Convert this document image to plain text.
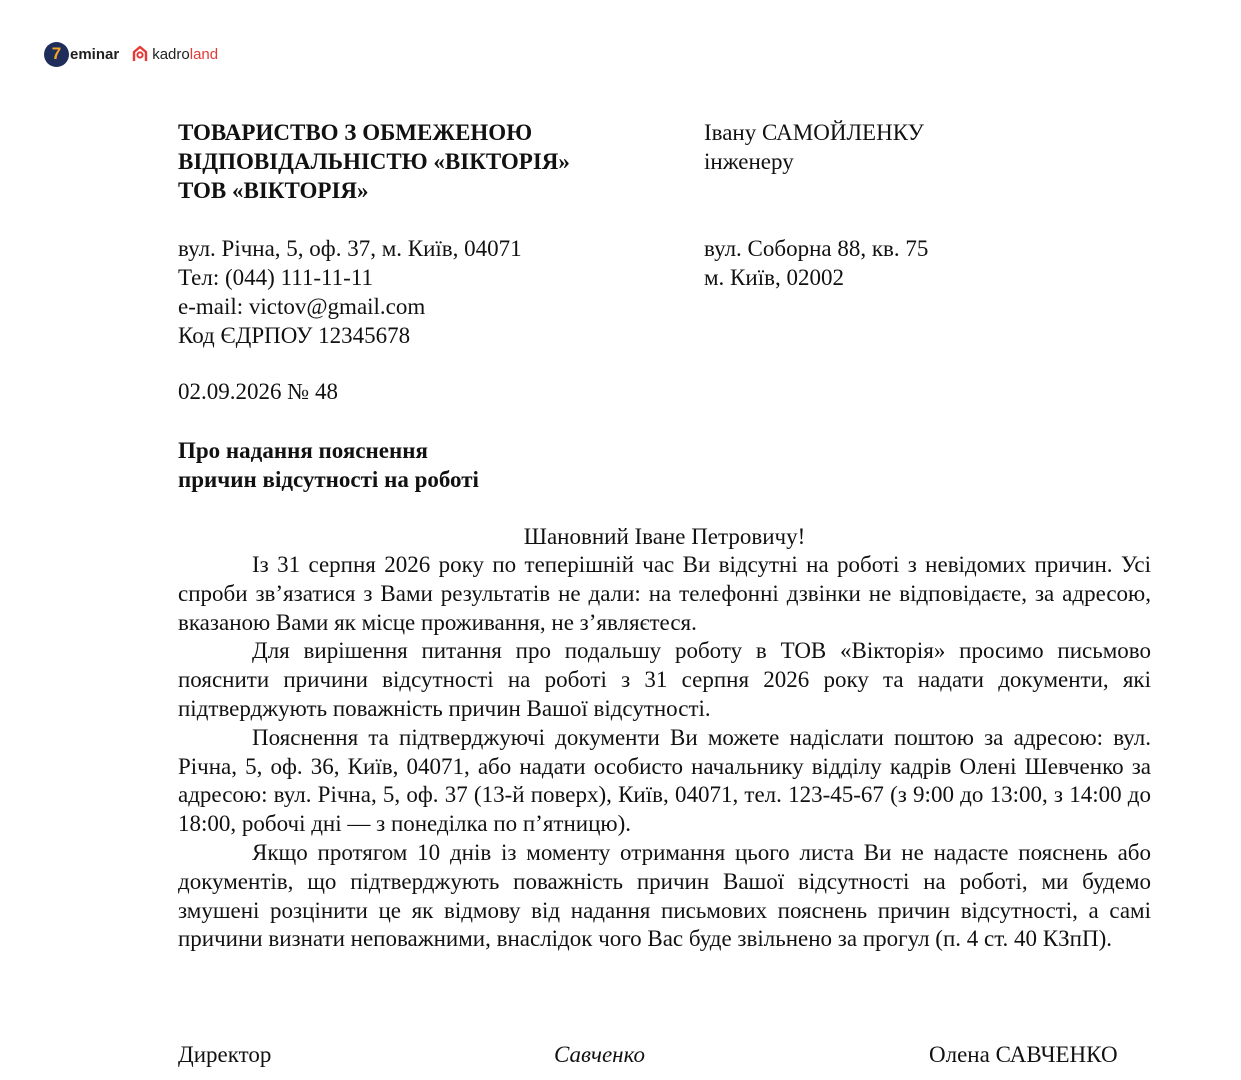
7 eminar kadro land
ТОВАРИСТВО З ОБМЕЖЕНОЮ
ВІДПОВІДАЛЬНІСТЮ «ВІКТОРІЯ»
ТОВ «ВІКТОРІЯ»
Івану САМОЙЛЕНКУ
інженеру
вул. Річна, 5, оф. 37, м. Київ, 04071
Тел: (044) 111-11-11
e-mail: victov@gmail.com
Код ЄДРПОУ 12345678
вул. Соборна 88, кв. 75
м. Київ, 02002
02.09.2026 № 48
Про надання пояснення
причин відсутності на роботі
Шановний Іване Петровичу!

Із 31 серпня 2026 року по теперішній час Ви відсутні на роботі з невідомих причин. Усі спроби зв’язатися з Вами результатів не дали: на телефонні дзвінки не відповідаєте, за адресою, вказаною Вами як місце проживання, не з’являєтеся.

Для вирішення питання про подальшу роботу в ТОВ «Вікторія» просимо письмово пояснити причини відсутності на роботі з 31 серпня 2026 року та надати документи, які підтверджують поважність причин Вашої відсутності.

Пояснення та підтверджуючі документи Ви можете надіслати поштою за адресою: вул. Річна, 5, оф. 36, Київ, 04071, або надати особисто начальнику відділу кадрів Олені Шевченко за адресою: вул. Річна, 5, оф. 37 (13-й поверх), Київ, 04071, тел. 123-45-67 (з 9:00 до 13:00, з 14:00 до 18:00, робочі дні — з понеділка по п’ятницю).

Якщо протягом 10 днів із моменту отримання цього листа Ви не надасте пояснень або документів, що підтверджують поважність причин Вашої відсутності на роботі, ми будемо змушені розцінити це як відмову від надання письмових пояснень причин відсутності, а самі причини визнати неповажними, внаслідок чого Вас буде звільнено за прогул (п. 4 ст. 40 КЗпП).

Директор	Савченко	Олена САВЧЕНКО
